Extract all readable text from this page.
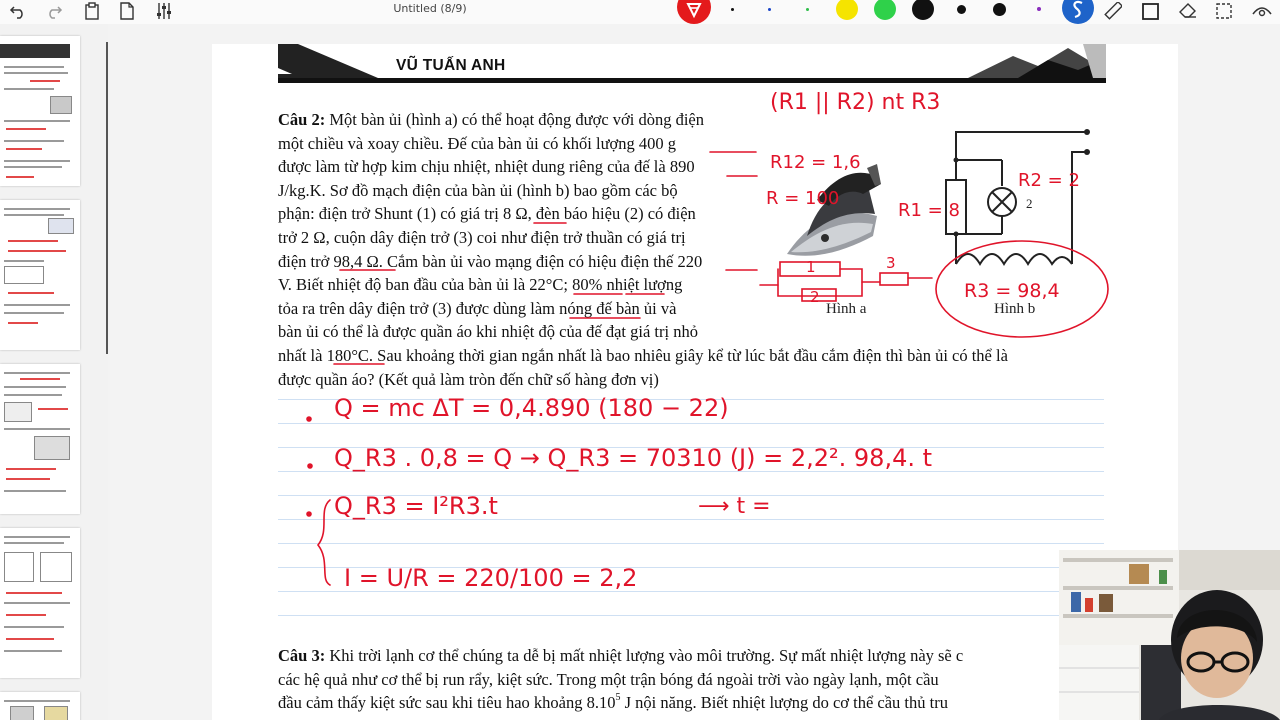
Untitled (8/9)
VŨ TUẤN ANH
Câu 2: Một bàn ủi (hình a) có thể hoạt động được với dòng điện
một chiều và xoay chiều. Đế của bàn ủi có khối lượng 400 g
được làm từ hợp kim chịu nhiệt, nhiệt dung riêng của đế là 890
J/kg.K. Sơ đồ mạch điện của bàn ủi (hình b) bao gồm các bộ
phận: điện trở Shunt (1) có giá trị 8 Ω, đèn báo hiệu (2) có điện
trở 2 Ω, cuộn dây điện trở (3) coi như điện trở thuần có giá trị
điện trở 98,4 Ω. Cắm bàn ủi vào mạng điện có hiệu điện thế 220
V. Biết nhiệt độ ban đầu của bàn ủi là 22°C; 80% nhiệt lượng
tỏa ra trên dây điện trở (3) được dùng làm nóng đế bàn ủi và
bàn ủi có thể là được quần áo khi nhiệt độ của đế đạt giá trị nhỏ
nhất là 180°C. Sau khoảng thời gian ngắn nhất là bao nhiêu giây kể từ lúc bắt đầu cắm điện thì bàn ủi có thể là
được quần áo? (Kết quả làm tròn đến chữ số hàng đơn vị)
Hình a
2
Hình b
Câu 3: Khi trời lạnh cơ thể chúng ta dễ bị mất nhiệt lượng vào môi trường. Sự mất nhiệt lượng này sẽ c
các hệ quả như cơ thể bị run rẩy, kiệt sức. Trong một trận bóng đá ngoài trời vào ngày lạnh, một cầu
đầu cảm thấy kiệt sức sau khi tiêu hao khoảng 8.10$^5$ J nội năng. Biết nhiệt lượng do cơ thể cầu thủ tru
(R1 || R2) nt R3
R12 = 1,6
R = 100
R1 = 8
R2 = 2
R3 = 98,4
1
2
3
Q = mc ΔT = 0,4.890 (180 − 22)
Q_R3 . 0,8 = Q → Q_R3 = 70310 (J) = 2,2². 98,4. t
Q_R3 = I²R3.t	⟶ t =
I = U/R = 220/100 = 2,2
